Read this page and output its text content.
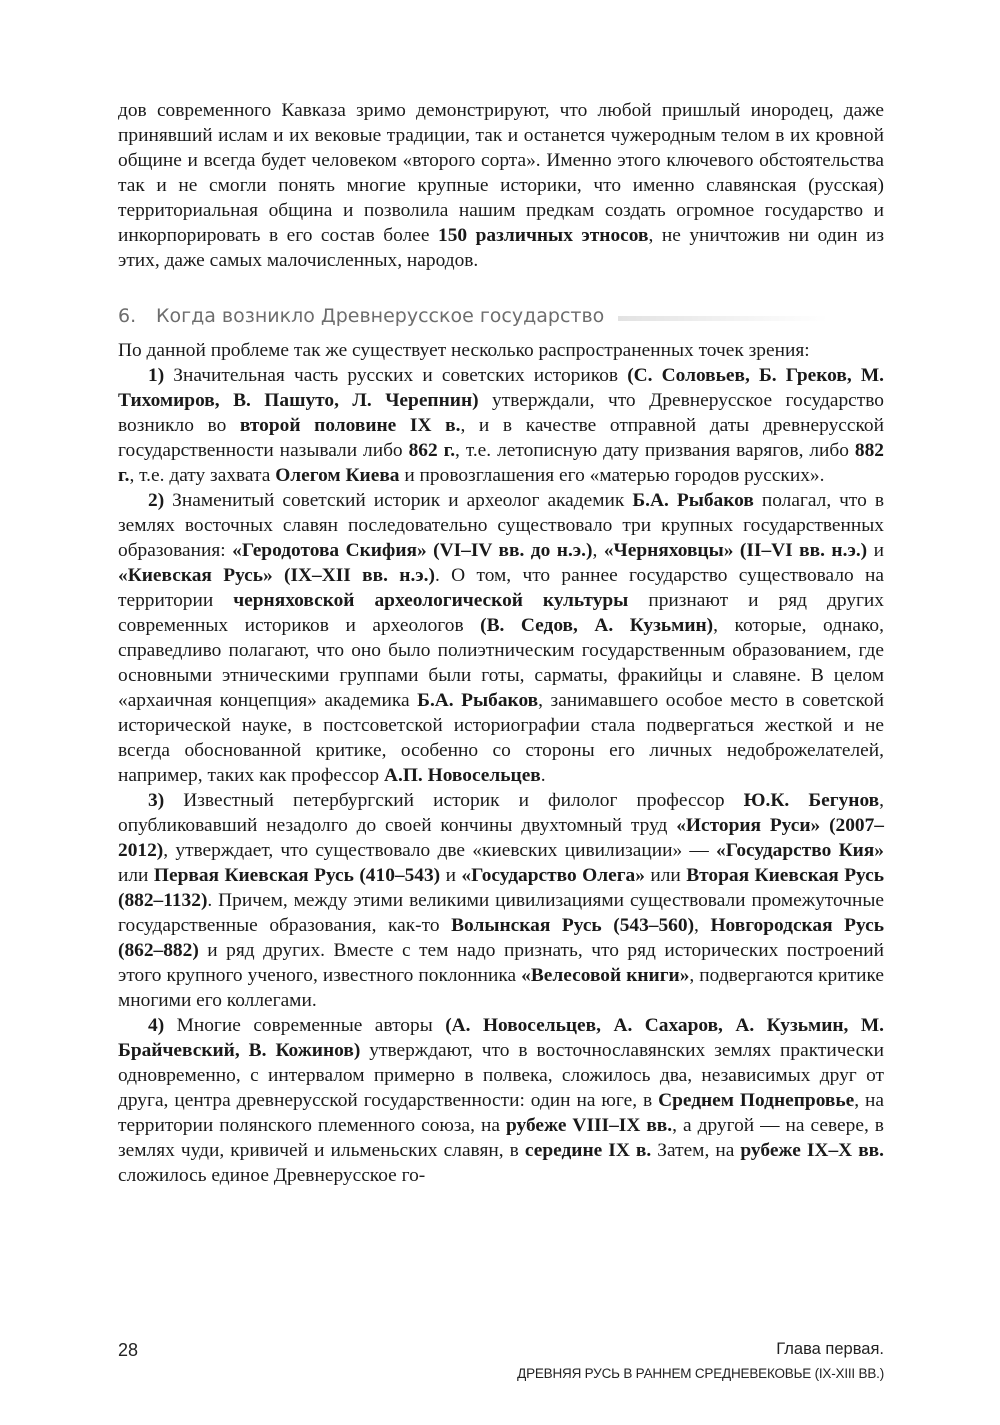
дов современного Кавказа зримо демонстрируют, что любой пришлый инородец, даже принявший ислам и их вековые традиции, так и останется чужеродным телом в их кровной общине и всегда будет человеком «второго сорта». Именно этого ключевого обстоятельства так и не смогли понять многие крупные историки, что именно славянская (русская) территориальная община и позволила нашим предкам создать огромное государство и инкорпорировать в его состав более 150 различных этносов, не уничтожив ни один из этих, даже самых малочисленных, народов.

6. Когда возникло Древнерусское государство

По данной проблеме так же существует несколько распространенных точек зрения:

1) Значительная часть русских и советских историков (С. Соловьев, Б. Греков, М. Тихомиров, В. Пашуто, Л. Черепнин) утверждали, что Древнерусское государство возникло во второй половине IX в., и в качестве отправной даты древнерусской государственности называли либо 862 г., т.е. летописную дату призвания варягов, либо 882 г., т.е. дату захвата Олегом Киева и провозглашения его «матерью городов русских».

2) Знаменитый советский историк и археолог академик Б.А. Рыбаков полагал, что в землях восточных славян последовательно существовало три крупных государственных образования: «Геродотова Скифия» (VI–IV вв. до н.э.), «Черняховцы» (II–VI вв. н.э.) и «Киевская Русь» (IX–XII вв. н.э.). О том, что раннее государство существовало на территории черняховской археологической культуры признают и ряд других современных историков и археологов (В. Седов, А. Кузьмин), которые, однако, справедливо полагают, что оно было полиэтническим государственным образованием, где основными этническими группами были готы, сарматы, фракийцы и славяне. В целом «архаичная концепция» академика Б.А. Рыбаков, занимавшего особое место в советской исторической науке, в постсоветской историографии стала подвергаться жесткой и не всегда обоснованной критике, особенно со стороны его личных недоброжелателей, например, таких как профессор А.П. Новосельцев.

3) Известный петербургский историк и филолог профессор Ю.К. Бегунов, опубликовавший незадолго до своей кончины двухтомный труд «История Руси» (2007–2012), утверждает, что существовало две «киевских цивилизации» — «Государство Кия» или Первая Киевская Русь (410–543) и «Государство Олега» или Вторая Киевская Русь (882–1132). Причем, между этими великими цивилизациями существовали промежуточные государственные образования, как-то Волынская Русь (543–560), Новгородская Русь (862–882) и ряд других. Вместе с тем надо признать, что ряд исторических построений этого крупного ученого, известного поклонника «Велесовой книги», подвергаются критике многими его коллегами.

4) Многие современные авторы (А. Новосельцев, А. Сахаров, А. Кузьмин, М. Брайчевский, В. Кожинов) утверждают, что в восточнославянских землях практически одновременно, с интервалом примерно в полвека, сложилось два, независимых друг от друга, центра древнерусской государственности: один на юге, в Среднем Поднепровье, на территории полянского племенного союза, на рубеже VIII–IX вв., а другой — на севере, в землях чуди, кривичей и ильменьских славян, в середине IX в. Затем, на рубеже IX–X вв. сложилось единое Древнерусское го-

28	Глава первая.
ДРЕВНЯЯ РУСЬ В РАННЕМ СРЕДНЕВЕКОВЬЕ (IX-XIII ВВ.)
